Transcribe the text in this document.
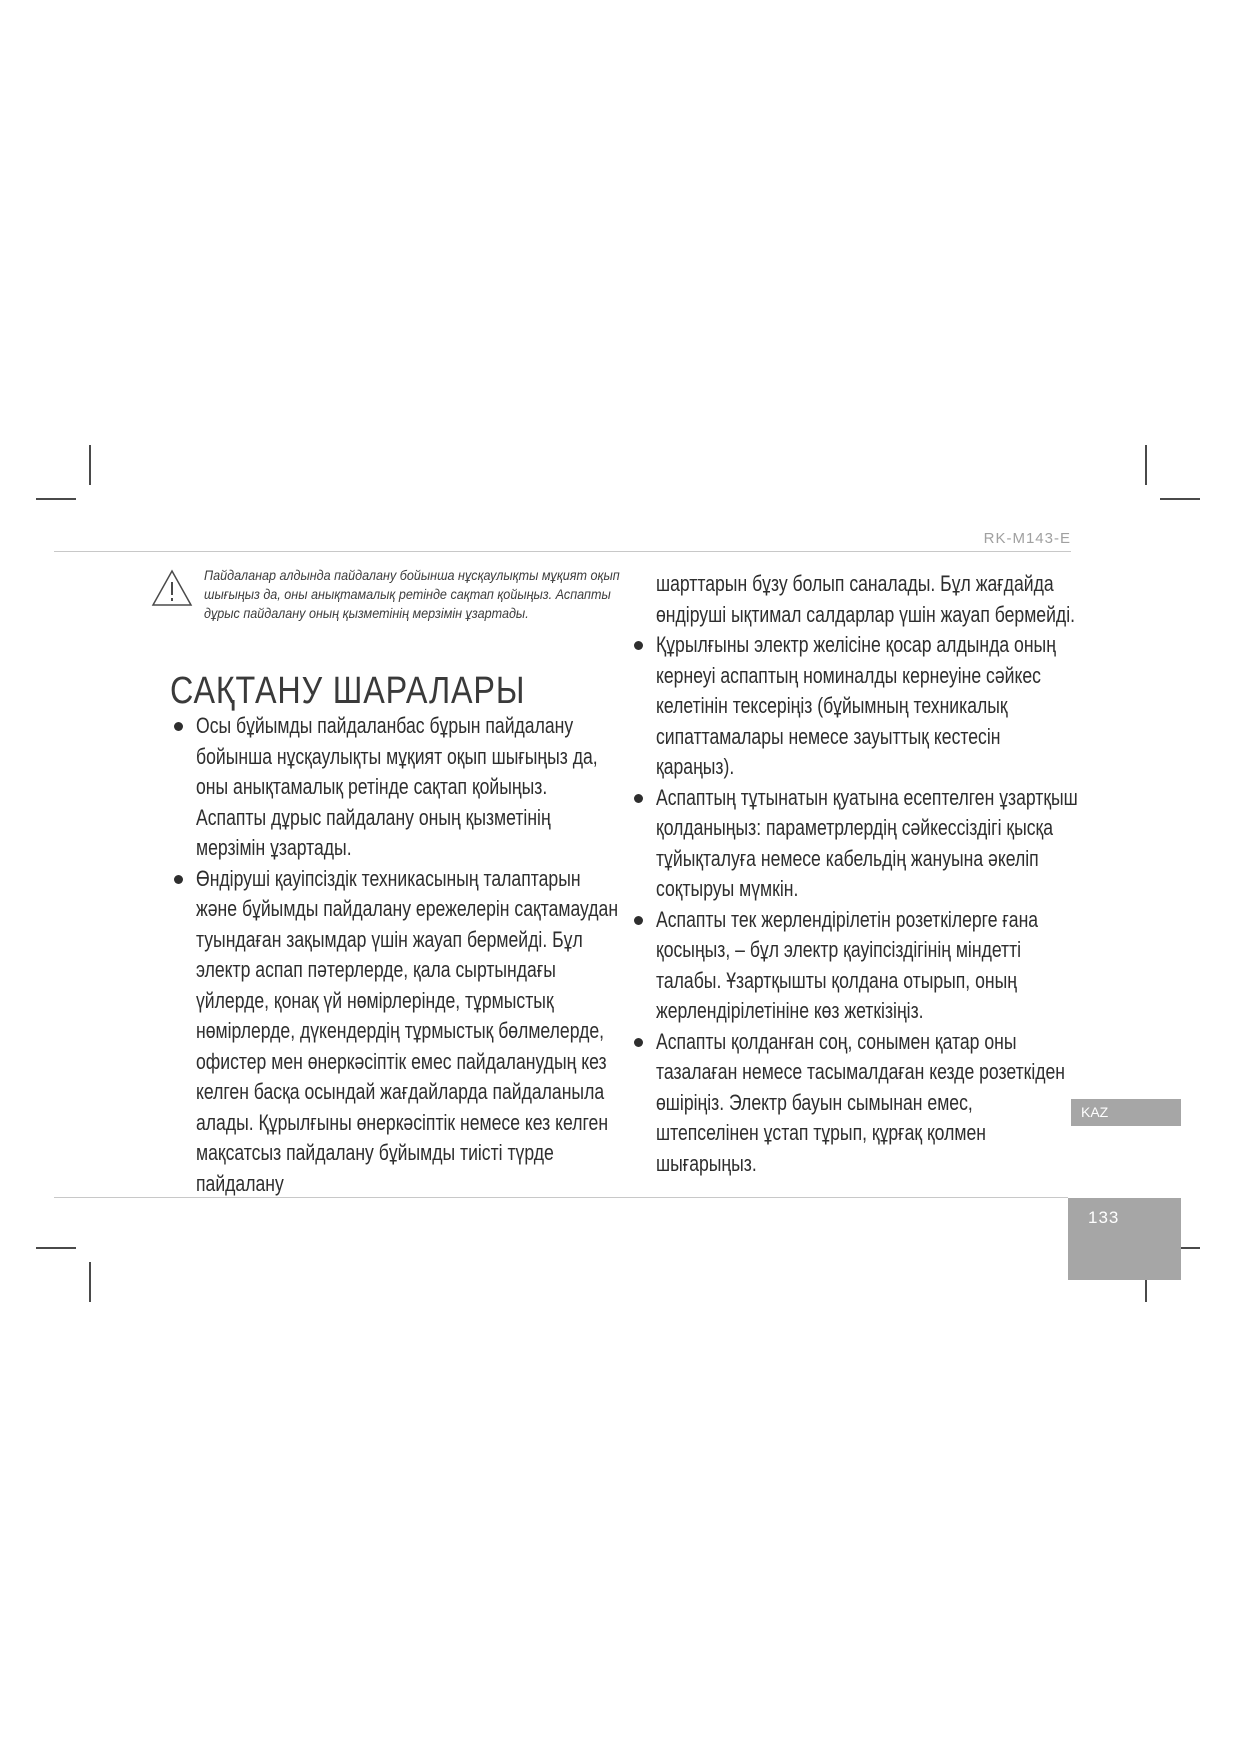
RK-M143-E
Пайдаланар алдында пайдалану бойынша нұсқаулықты мұқият оқып шығыңыз да, оны анықтамалық ретінде сақтап қойыңыз. Аспапты дұрыс пайдалану оның қызметінің мерзімін ұзартады.
САҚТАНУ ШАРАЛАРЫ
Осы бұйымды пайдаланбас бұрын пайдалану бойынша нұсқаулықты мұқият оқып шығыңыз да, оны анықтамалық ретінде сақтап қойыңыз. Аспапты дұрыс пайдалану оның қызметінің мерзімін ұзартады.
Өндіруші қауіпсіздік техникасының талаптарын және бұйымды пайдалану ережелерін сақтамаудан туындаған зақымдар үшін жауап бермейді. Бұл электр аспап пәтерлерде, қала сыртындағы үйлерде, қонақ үй нөмірлерінде, тұрмыстық нөмірлерде, дүкендердің тұрмыстық бөлмелерде, офистер мен өнеркәсіптік емес пайдаланудың кез келген басқа осындай жағдайларда пайдаланыла алады. Құрылғыны өнеркәсіптік немесе кез келген мақсатсыз пайдалану бұйымды тиісті түрде пайдалану
шарттарын бұзу болып саналады. Бұл жағдайда өндіруші ықтимал салдарлар үшін жауап бермейді.
Құрылғыны электр желісіне қосар алдында оның кернеуі аспаптың номиналды кернеуіне сәйкес келетінін тексеріңіз (бұйымның техникалық сипаттамалары немесе зауыттық кестесін қараңыз).
Аспаптың тұтынатын қуатына есептелген ұзартқыш қолданыңыз: параметрлердің сәйкессіздігі қысқа тұйықталуға немесе кабельдің жануына әкеліп соқтыруы мүмкін.
Аспапты тек жерлендірілетін розеткілерге ғана қосыңыз, – бұл электр қауіпсіздігінің міндетті талабы. Ұзартқышты қолдана отырып, оның жерлендірілетініне көз жеткізіңіз.
Аспапты қолданған соң, сонымен қатар оны тазалаған немесе тасымалдаған кезде розеткіден өшіріңіз. Электр бауын сымынан емес, штепселінен ұстап тұрып, құрғақ қолмен шығарыңыз.
KAZ
133
